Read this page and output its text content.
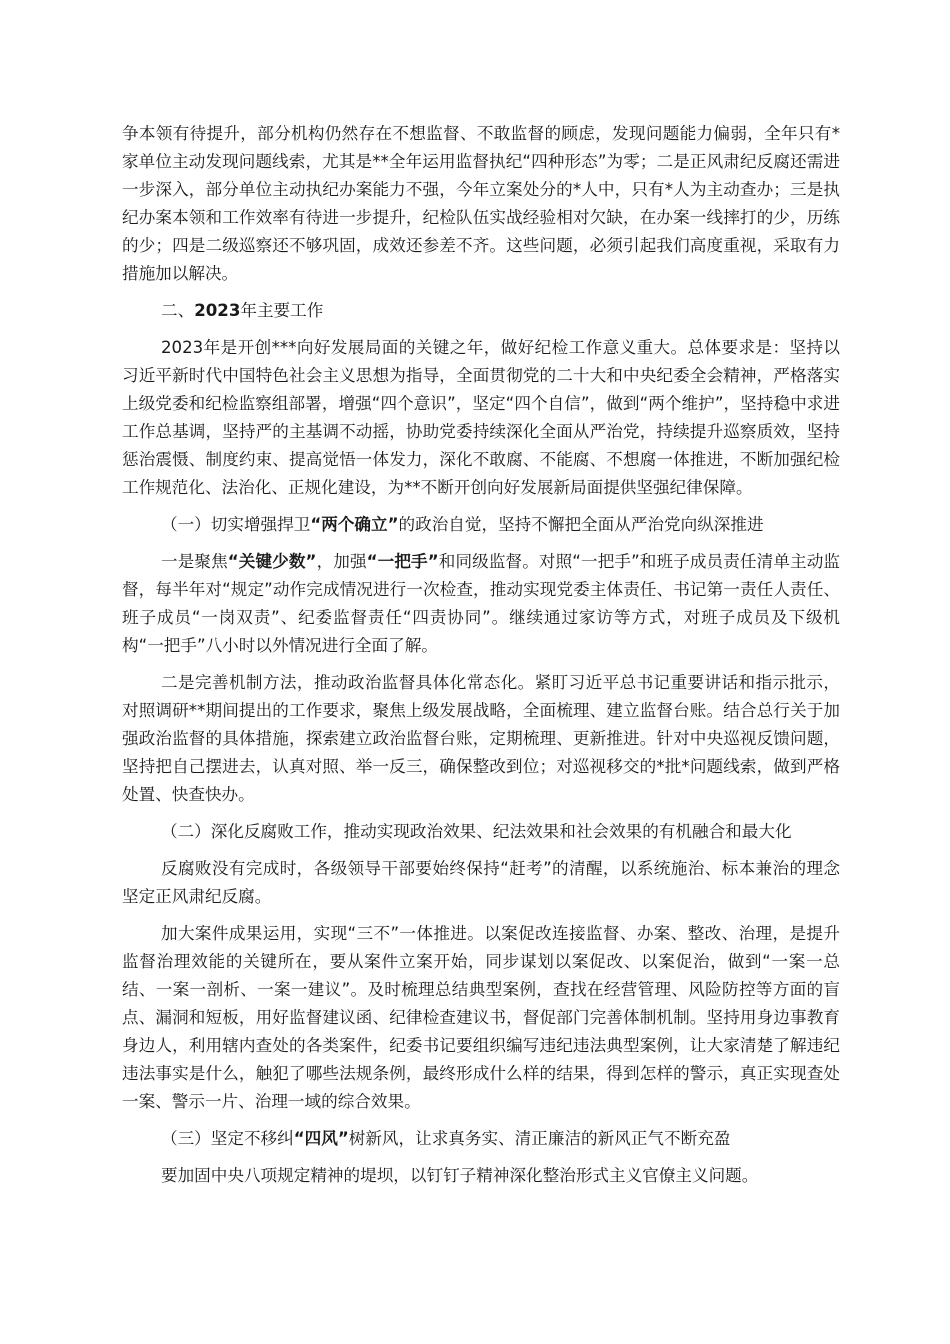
争本领有待提升，部分机构仍然存在不想监督、不敢监督的顾虑，发现问题能力偏弱，全年只有*家单位主动发现问题线索，尤其是**全年运用监督执纪“四种形态”为零；二是正风肃纪反腐还需进一步深入，部分单位主动执纪办案能力不强，今年立案处分的*人中，只有*人为主动查办；三是执纪办案本领和工作效率有待进一步提升，纪检队伍实战经验相对欠缺，在办案一线摔打的少，历练的少；四是二级巡察还不够巩固，成效还参差不齐。这些问题，必须引起我们高度重视，采取有力措施加以解决。

二、2023年主要工作

2023年是开创***向好发展局面的关键之年，做好纪检工作意义重大。总体要求是：坚持以习近平新时代中国特色社会主义思想为指导，全面贯彻党的二十大和中央纪委全会精神，严格落实上级党委和纪检监察组部署，增强“四个意识”，坚定“四个自信”，做到“两个维护”，坚持稳中求进工作总基调，坚持严的主基调不动摇，协助党委持续深化全面从严治党，持续提升巡察质效，坚持惩治震慑、制度约束、提高觉悟一体发力，深化不敢腐、不能腐、不想腐一体推进，不断加强纪检工作规范化、法治化、正规化建设，为**不断开创向好发展新局面提供坚强纪律保障。

（一）切实增强捍卫“两个确立”的政治自觉，坚持不懈把全面从严治党向纵深推进

一是聚焦“关键少数”，加强“一把手”和同级监督。对照“一把手”和班子成员责任清单主动监督，每半年对“规定”动作完成情况进行一次检查，推动实现党委主体责任、书记第一责任人责任、班子成员“一岗双责”、纪委监督责任“四责协同”。继续通过家访等方式，对班子成员及下级机构“一把手”八小时以外情况进行全面了解。

二是完善机制方法，推动政治监督具体化常态化。紧盯习近平总书记重要讲话和指示批示，对照调研**期间提出的工作要求，聚焦上级发展战略，全面梳理、建立监督台账。结合总行关于加强政治监督的具体措施，探索建立政治监督台账，定期梳理、更新推进。针对中央巡视反馈问题，坚持把自己摆进去，认真对照、举一反三，确保整改到位；对巡视移交的*批*问题线索，做到严格处置、快查快办。

（二）深化反腐败工作，推动实现政治效果、纪法效果和社会效果的有机融合和最大化

反腐败没有完成时，各级领导干部要始终保持“赶考”的清醒，以系统施治、标本兼治的理念坚定正风肃纪反腐。

加大案件成果运用，实现“三不”一体推进。以案促改连接监督、办案、整改、治理，是提升监督治理效能的关键所在，要从案件立案开始，同步谋划以案促改、以案促治，做到“一案一总结、一案一剖析、一案一建议”。及时梳理总结典型案例，查找在经营管理、风险防控等方面的盲点、漏洞和短板，用好监督建议函、纪律检查建议书，督促部门完善体制机制。坚持用身边事教育身边人，利用辖内查处的各类案件，纪委书记要组织编写违纪违法典型案例，让大家清楚了解违纪违法事实是什么，触犯了哪些法规条例，最终形成什么样的结果，得到怎样的警示，真正实现查处一案、警示一片、治理一域的综合效果。

（三）坚定不移纠“四风”树新风，让求真务实、清正廉洁的新风正气不断充盈

要加固中央八项规定精神的堤坝，以钉钉子精神深化整治形式主义官僚主义问题。
